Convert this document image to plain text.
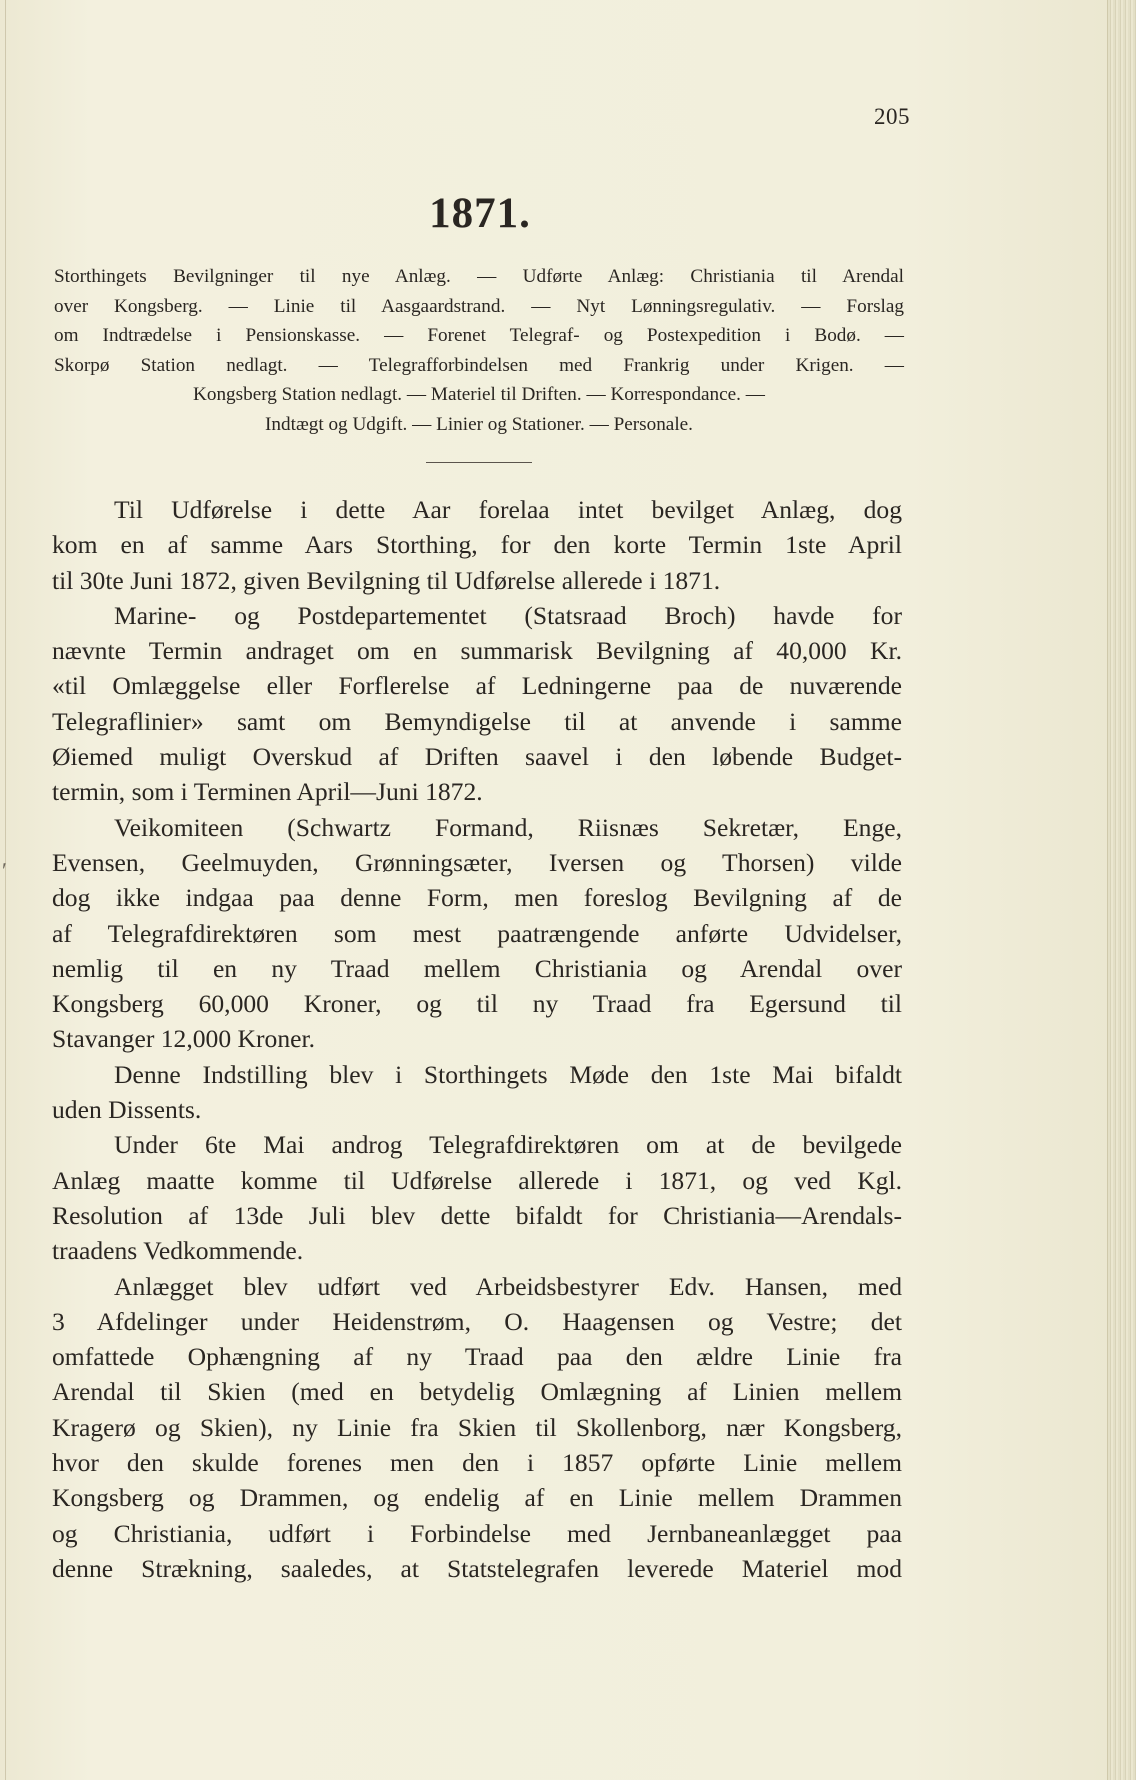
205
1871.
Storthingets Bevilgninger til nye Anlæg. — Udførte Anlæg: Christiania til Arendal
over Kongsberg. — Linie til Aasgaardstrand. — Nyt Lønningsregulativ. — Forslag
om Indtrædelse i Pensionskasse. — Forenet Telegraf- og Postexpedition i Bodø. —
Skorpø Station nedlagt. — Telegrafforbindelsen med Frankrig under Krigen. —
Kongsberg Station nedlagt. — Materiel til Driften. — Korrespondance. —
Indtægt og Udgift. — Linier og Stationer. — Personale.
Til Udførelse i dette Aar forelaa intet bevilget Anlæg, dog
kom en af samme Aars Storthing, for den korte Termin 1ste April
til 30te Juni 1872, given Bevilgning til Udførelse allerede i 1871.
Marine- og Postdepartementet (Statsraad Broch) havde for
nævnte Termin andraget om en summarisk Bevilgning af 40,000 Kr.
«til Omlæggelse eller Forflerelse af Ledningerne paa de nuværende
Telegraflinier» samt om Bemyndigelse til at anvende i samme
Øiemed muligt Overskud af Driften saavel i den løbende Budget-
termin, som i Terminen April—Juni 1872.
Veikomiteen (Schwartz Formand, Riisnæs Sekretær, Enge,
Evensen, Geelmuyden, Grønningsæter, Iversen og Thorsen) vilde
dog ikke indgaa paa denne Form, men foreslog Bevilgning af de
af Telegrafdirektøren som mest paatrængende anførte Udvidelser,
nemlig til en ny Traad mellem Christiania og Arendal over
Kongsberg 60,000 Kroner, og til ny Traad fra Egersund til
Stavanger 12,000 Kroner.
Denne Indstilling blev i Storthingets Møde den 1ste Mai bifaldt
uden Dissents.
Under 6te Mai androg Telegrafdirektøren om at de bevilgede
Anlæg maatte komme til Udførelse allerede i 1871, og ved Kgl.
Resolution af 13de Juli blev dette bifaldt for Christiania—Arendals-
traadens Vedkommende.
Anlægget blev udført ved Arbeidsbestyrer Edv. Hansen, med
3 Afdelinger under Heidenstrøm, O. Haagensen og Vestre; det
omfattede Ophængning af ny Traad paa den ældre Linie fra
Arendal til Skien (med en betydelig Omlægning af Linien mellem
Kragerø og Skien), ny Linie fra Skien til Skollenborg, nær Kongsberg,
hvor den skulde forenes men den i 1857 opførte Linie mellem
Kongsberg og Drammen, og endelig af en Linie mellem Drammen
og Christiania, udført i Forbindelse med Jernbaneanlægget paa
denne Strækning, saaledes, at Statstelegrafen leverede Materiel mod
ʹ
